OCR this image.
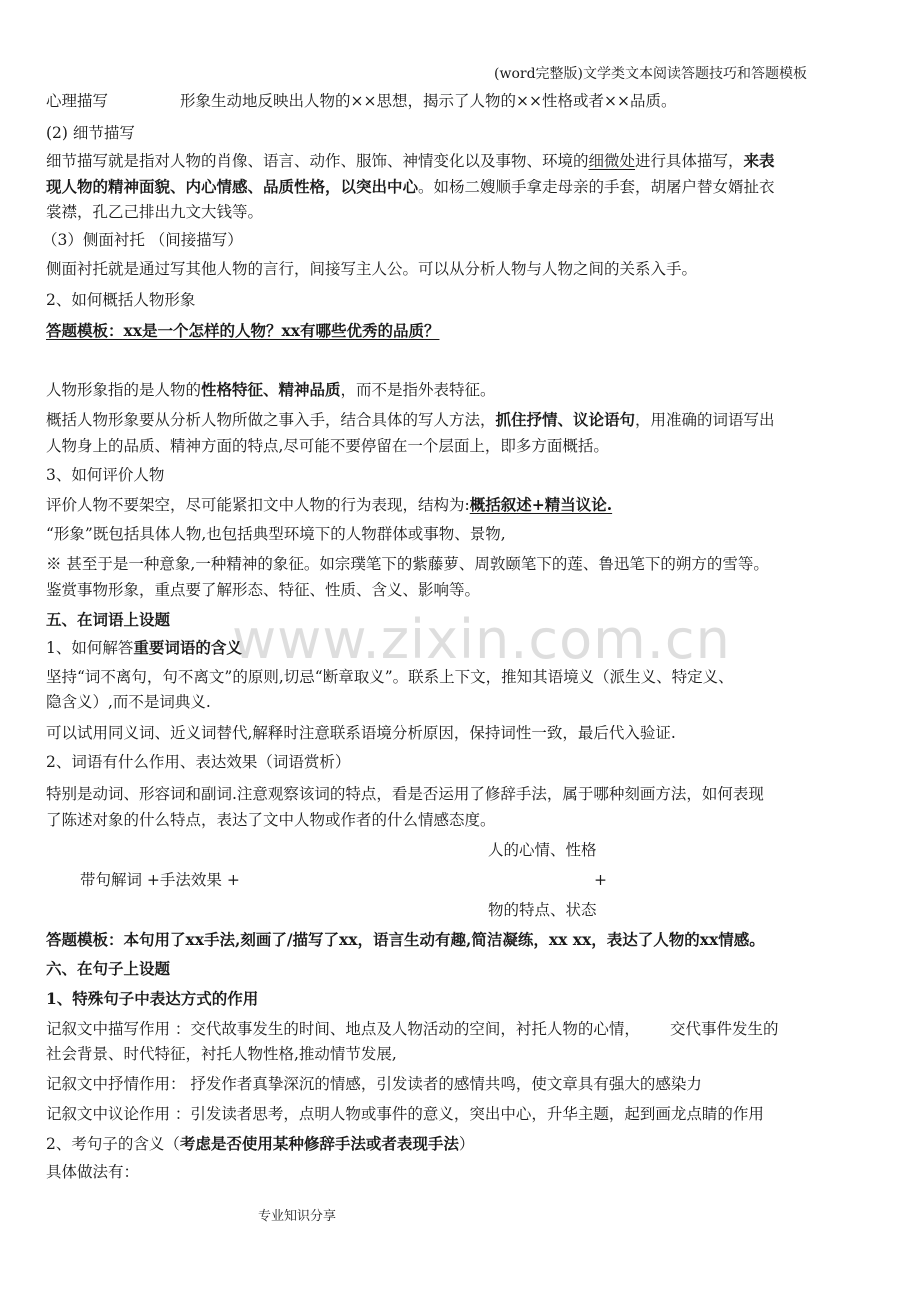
www.zixin.com.cn
(word完整版)文学类文本阅读答题技巧和答题模板
心理描写	形象生动地反映出人物的××思想，揭示了人物的××性格或者××品质。
(2) 细节描写
细节描写就是指对人物的肖像、语言、动作、服饰、神情变化以及事物、环境的细微处进行具体描写，来表
现人物的精神面貌、内心情感、品质性格，以突出中心。如杨二嫂顺手拿走母亲的手套，胡屠户替女婿扯衣
裳襟，孔乙己排出九文大钱等。
（3）侧面衬托 （间接描写）
侧面衬托就是通过写其他人物的言行，间接写主人公。可以从分析人物与人物之间的关系入手。
2、如何概括人物形象
答题模板：xx是一个怎样的人物？xx有哪些优秀的品质？
人物形象指的是人物的性格特征、精神品质，而不是指外表特征。
概括人物形象要从分析人物所做之事入手，结合具体的写人方法，抓住抒情、议论语句，用准确的词语写出
人物身上的品质、精神方面的特点,尽可能不要停留在一个层面上，即多方面概括。
3、如何评价人物
评价人物不要架空，尽可能紧扣文中人物的行为表现，结构为:概括叙述+精当议论.
“形象”既包括具体人物,也包括典型环境下的人物群体或事物、景物,
※ 甚至于是一种意象,一种精神的象征。如宗璞笔下的紫藤萝、周敦颐笔下的莲、鲁迅笔下的朔方的雪等。
鉴赏事物形象，重点要了解形态、特征、性质、含义、影响等。
五、在词语上设题
1、如何解答重要词语的含义
坚持“词不离句，句不离文”的原则,切忌“断章取义”。联系上下文，推知其语境义（派生义、特定义、
隐含义）,而不是词典义.
可以试用同义词、近义词替代,解释时注意联系语境分析原因，保持词性一致，最后代入验证.
2、词语有什么作用、表达效果（词语赏析）
特别是动词、形容词和副词.注意观察该词的特点，看是否运用了修辞手法，属于哪种刻画方法，如何表现
了陈述对象的什么特点，表达了文中人物或作者的什么情感态度。
人的心情、性格
带句解词 +手法效果 +	+
物的特点、状态
答题模板：本句用了xx手法,刻画了/描写了xx，语言生动有趣,简洁凝练，xx xx，表达了人物的xx情感。
六、在句子上设题
1、特殊句子中表达方式的作用
记叙文中描写作用 ：交代故事发生的时间、地点及人物活动的空间，衬托人物的心情， 交代事件发生的
社会背景、时代特征，衬托人物性格,推动情节发展,
记叙文中抒情作用： 抒发作者真挚深沉的情感，引发读者的感情共鸣，使文章具有强大的感染力
记叙文中议论作用 ：引发读者思考，点明人物或事件的意义，突出中心，升华主题，起到画龙点睛的作用
2、考句子的含义（考虑是否使用某种修辞手法或者表现手法）
具体做法有：
专业知识分享
